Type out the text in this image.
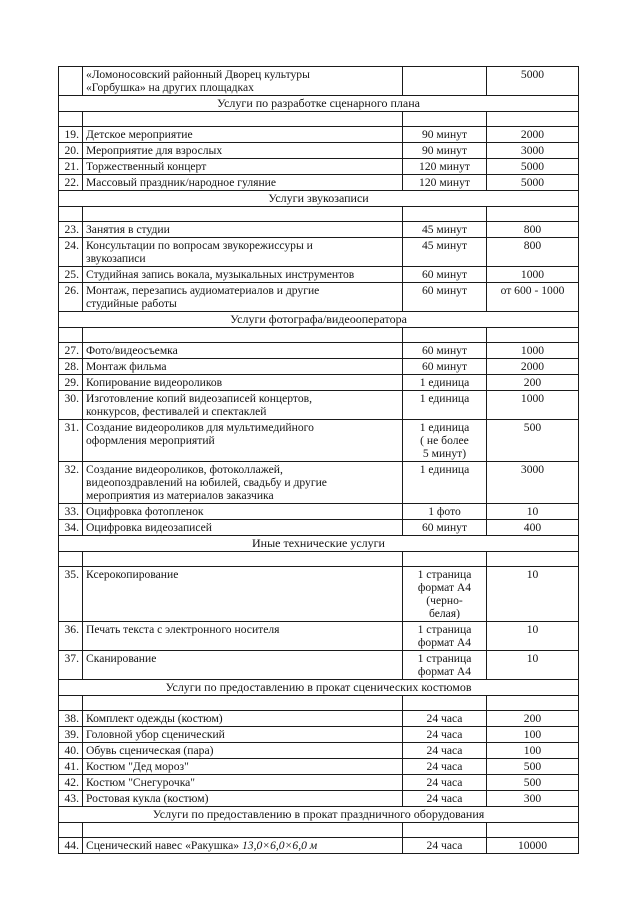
	«Ломоносовский районный Дворец культуры
«Горбушка» на других площадках		5000

Услуги по разработке сценарного плана			

19.	Детское мероприятие	90 минут	2000

20.	Мероприятие для взрослых	90 минут	3000

21.	Торжественный концерт	120 минут	5000

22.	Массовый праздник/народное гуляние	120 минут	5000

Услуги звукозаписи			

23.	Занятия в студии	45 минут	800

24.	Консультации по вопросам звукорежиссуры и
звукозаписи	45 минут	800

25.	Студийная запись вокала, музыкальных инструментов	60 минут	1000

26.	Монтаж, перезапись аудиоматериалов и другие
студийные работы	60 минут	от 600 - 1000

Услуги фотографа/видеооператора			

27.	Фото/видеосъемка	60 минут	1000

28.	Монтаж фильма	60 минут	2000

29.	Копирование видеороликов	1 единица	200

30.	Изготовление копий видеозаписей концертов,
конкурсов, фестивалей и спектаклей	1 единица	1000

31.	Создание видеороликов для мультимедийного
оформления мероприятий	1 единица
( не более
5 минут)	500

32.	Создание видеороликов, фотоколлажей,
видеопоздравлений на юбилей, свадьбу и другие
мероприятия из материалов заказчика	1 единица	3000

33.	Оцифровка фотопленок	1 фото	10

34.	Оцифровка видеозаписей	60 минут	400

Иные технические услуги			

35.	Ксерокопирование	1 страница
формат А4
(черно-
белая)	10

36.	Печать текста с электронного носителя	1 страница
формат А4	10

37.	Сканирование	1 страница
формат А4	10

Услуги по предоставлению в прокат сценических костюмов			

38.	Комплект одежды (костюм)	24 часа	200

39.	Головной убор сценический	24 часа	100

40.	Обувь сценическая (пара)	24 часа	100

41.	Костюм "Дед мороз"	24 часа	500

42.	Костюм "Снегурочка"	24 часа	500

43.	Ростовая кукла (костюм)	24 часа	300

Услуги по предоставлению в прокат праздничного оборудования			

44.	Сценический навес «Ракушка» 13,0×6,0×6,0 м	24 часа	10000
